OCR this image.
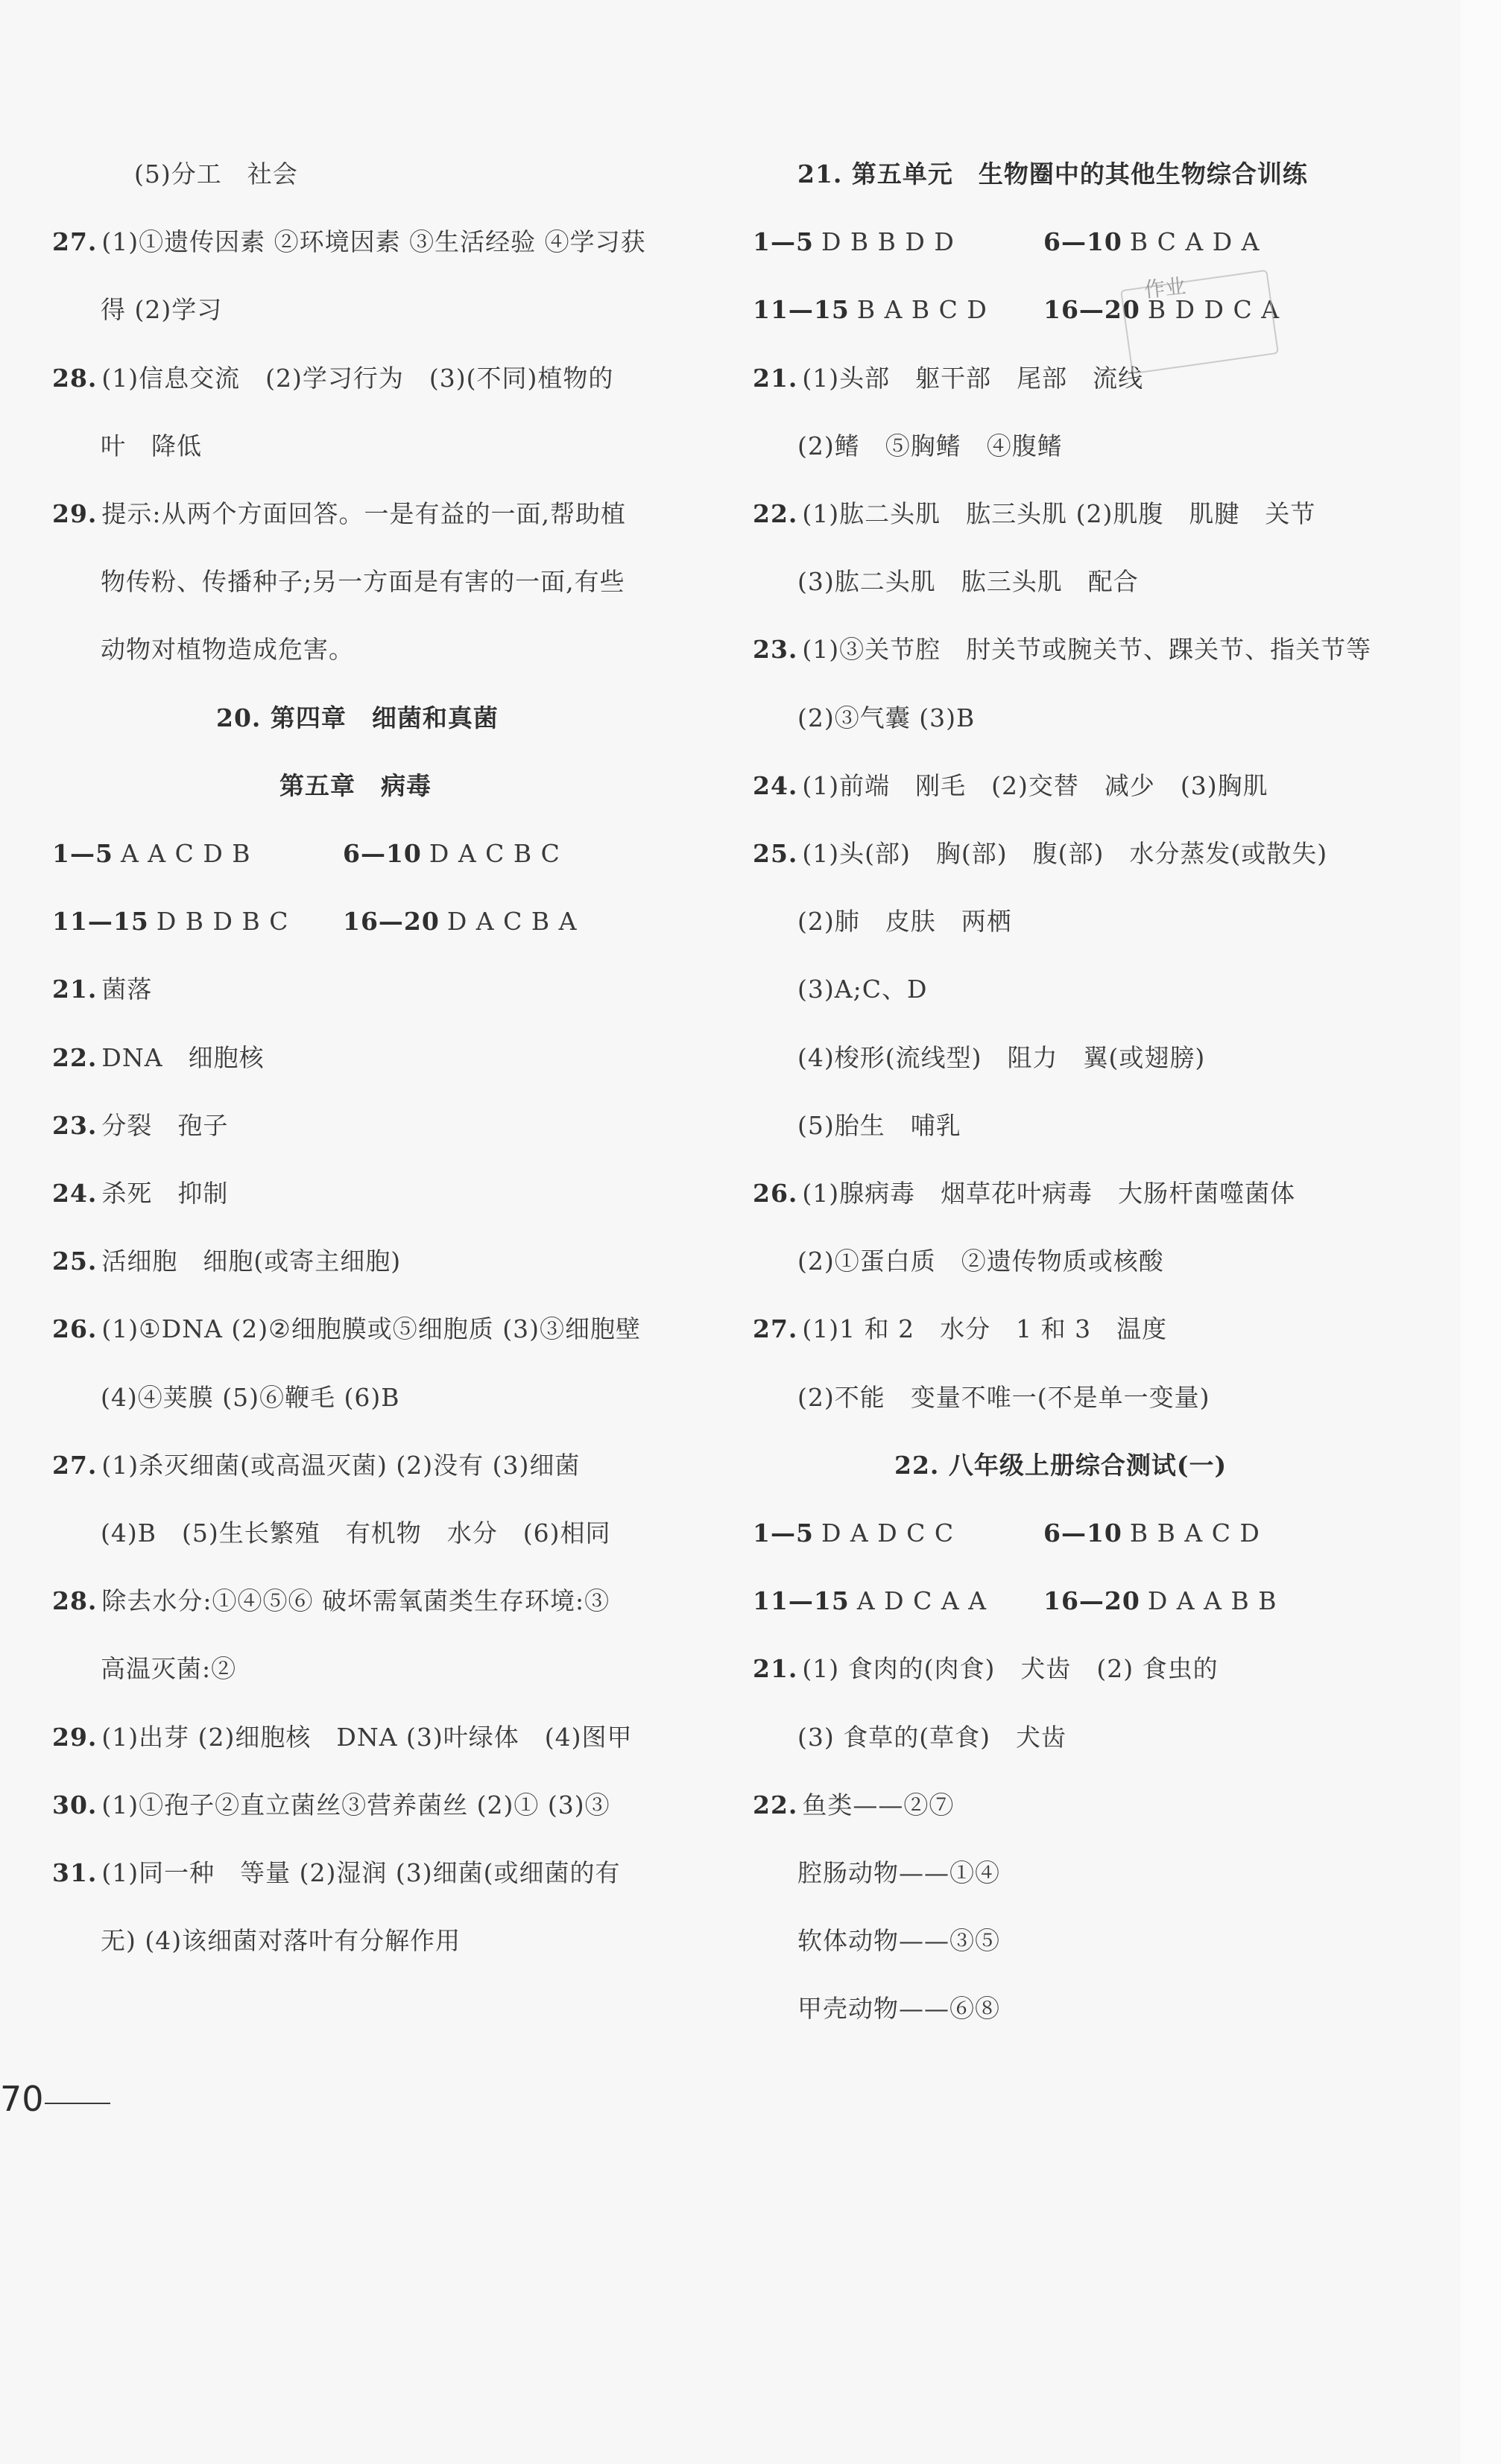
(5)分工　社会
27. (1)①遗传因素 ②环境因素 ③生活经验 ④学习获
得 (2)学习
28. (1)信息交流　(2)学习行为　(3)(不同)植物的
叶　降低
29. 提示:从两个方面回答。一是有益的一面,帮助植
物传粉、传播种子;另一方面是有害的一面,有些
动物对植物造成危害。
20. 第四章　细菌和真菌
第五章　病毒
1—5 A A C D B	6—10 D A C B C
11—15 D B D B C 16—20 D A C B A
21. 菌落
22. DNA　细胞核
23. 分裂　孢子
24. 杀死　抑制
25. 活细胞　细胞(或寄主细胞)
26. (1)①DNA (2)②细胞膜或⑤细胞质 (3)③细胞壁
(4)④荚膜 (5)⑥鞭毛 (6)B
27. (1)杀灭细菌(或高温灭菌) (2)没有 (3)细菌
(4)B　(5)生长繁殖　有机物　水分　(6)相同
28. 除去水分:①④⑤⑥ 破坏需氧菌类生存环境:③
高温灭菌:②
29. (1)出芽 (2)细胞核　DNA (3)叶绿体　(4)图甲
30. (1)①孢子②直立菌丝③营养菌丝 (2)① (3)③
31. (1)同一种　等量 (2)湿润 (3)细菌(或细菌的有
无) (4)该细菌对落叶有分解作用
21. 第五单元　生物圈中的其他生物综合训练
1—5 D B B D D	6—10 B C A D A
11—15 B A B C D 16—20 B D D C A
21. (1)头部　躯干部　尾部　流线
(2)鳍　⑤胸鳍　④腹鳍
22. (1)肱二头肌　肱三头肌 (2)肌腹　肌腱　关节
(3)肱二头肌　肱三头肌　配合
23. (1)③关节腔　肘关节或腕关节、踝关节、指关节等
(2)③气囊 (3)B
24. (1)前端　刚毛　(2)交替　减少　(3)胸肌
25. (1)头(部)　胸(部)　腹(部)　水分蒸发(或散失)
(2)肺　皮肤　两栖
(3)A;C、D
(4)梭形(流线型)　阻力　翼(或翅膀)
(5)胎生　哺乳
26. (1)腺病毒　烟草花叶病毒　大肠杆菌噬菌体
(2)①蛋白质　②遗传物质或核酸
27. (1)1 和 2　水分　1 和 3　温度
(2)不能　变量不唯一(不是单一变量)
22. 八年级上册综合测试(一)
1—5 D A D C C	6—10 B B A C D
11—15 A D C A A 16—20 D A A B B
21. (1) 食肉的(肉食)　犬齿　(2) 食虫的
(3) 食草的(草食)　犬齿
22. 鱼类——②⑦
腔肠动物——①④
软体动物——③⑤
甲壳动物——⑥⑧
作业
70
